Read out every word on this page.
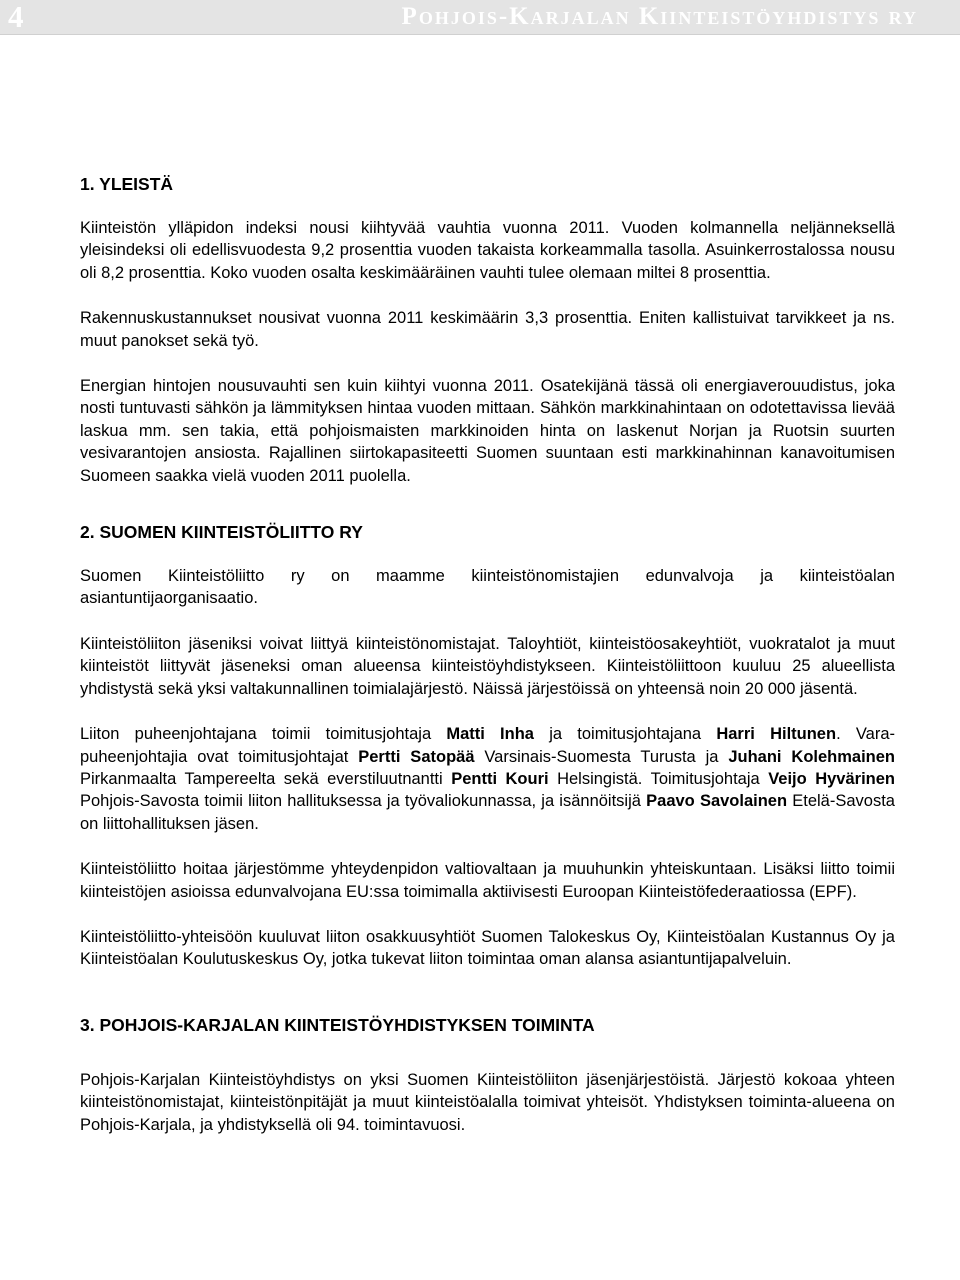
4	Pohjois-Karjalan Kiinteistöyhdistys ry
1. YLEISTÄ

Kiinteistön ylläpidon indeksi nousi kiihtyvää vauhtia vuonna 2011. Vuoden kolmannella neljänneksellä yleisindeksi oli edellisvuodesta 9,2 prosenttia vuoden takaista korkeammalla tasolla. Asuinkerrostalossa nousu oli 8,2 prosenttia. Koko vuoden osalta keskimääräinen vauhti tulee olemaan miltei 8 prosenttia.

Rakennuskustannukset nousivat vuonna 2011 keskimäärin 3,3 prosenttia. Eniten kallistuivat tarvikkeet ja ns. muut panokset sekä työ.

Energian hintojen nousuvauhti sen kuin kiihtyi vuonna 2011. Osatekijänä tässä oli energiaverouudistus, joka nosti tuntuvasti sähkön ja lämmityksen hintaa vuoden mittaan. Sähkön markkinahintaan on odotettavissa lievää laskua mm. sen takia, että pohjoismaisten markkinoiden hinta on laskenut Norjan ja Ruotsin suurten vesivarantojen ansiosta. Rajallinen siirtokapasiteetti Suomen suuntaan esti markkinahinnan kanavoitumisen Suomeen saakka vielä vuoden 2011 puolella.

2. SUOMEN KIINTEISTÖLIITTO RY

Suomen Kiinteistöliitto ry on maamme kiinteistönomistajien edunvalvoja ja kiinteistöalan asiantuntijaorganisaatio.

Kiinteistöliiton jäseniksi voivat liittyä kiinteistönomistajat. Taloyhtiöt, kiinteistöosakeyhtiöt, vuokratalot ja muut kiinteistöt liittyvät jäseneksi oman alueensa kiinteistöyhdistykseen. Kiinteistöliittoon kuuluu 25 alueellista yhdistystä sekä yksi valtakunnallinen toimialajärjestö. Näissä järjestöissä on yhteensä noin 20 000 jäsentä.

Liiton puheenjohtajana toimii toimitusjohtaja Matti Inha ja toimitusjohtajana Harri Hiltunen. Vara-puheenjohtajia ovat toimitusjohtajat Pertti Satopää Varsinais-Suomesta Turusta ja Juhani Kolehmainen Pirkanmaalta Tampereelta sekä everstiluutnantti Pentti Kouri Helsingistä. Toimitusjohtaja Veijo Hyvärinen Pohjois-Savosta toimii liiton hallituksessa ja työvaliokunnassa, ja isännöitsijä Paavo Savolainen Etelä-Savosta on liittohallituksen jäsen.

Kiinteistöliitto hoitaa järjestömme yhteydenpidon valtiovaltaan ja muuhunkin yhteiskuntaan. Lisäksi liitto toimii kiinteistöjen asioissa edunvalvojana EU:ssa toimimalla aktiivisesti Euroopan Kiinteistöfederaatiossa (EPF).

Kiinteistöliitto-yhteisöön kuuluvat liiton osakkuusyhtiöt Suomen Talokeskus Oy, Kiinteistöalan Kustannus Oy ja Kiinteistöalan Koulutuskeskus Oy, jotka tukevat liiton toimintaa oman alansa asiantuntijapalveluin.

3. POHJOIS-KARJALAN KIINTEISTÖYHDISTYKSEN TOIMINTA

Pohjois-Karjalan Kiinteistöyhdistys on yksi Suomen Kiinteistöliiton jäsenjärjestöistä. Järjestö kokoaa yhteen kiinteistönomistajat, kiinteistönpitäjät ja muut kiinteistöalalla toimivat yhteisöt. Yhdistyksen toiminta-alueena on Pohjois-Karjala, ja yhdistyksellä oli 94. toimintavuosi.
